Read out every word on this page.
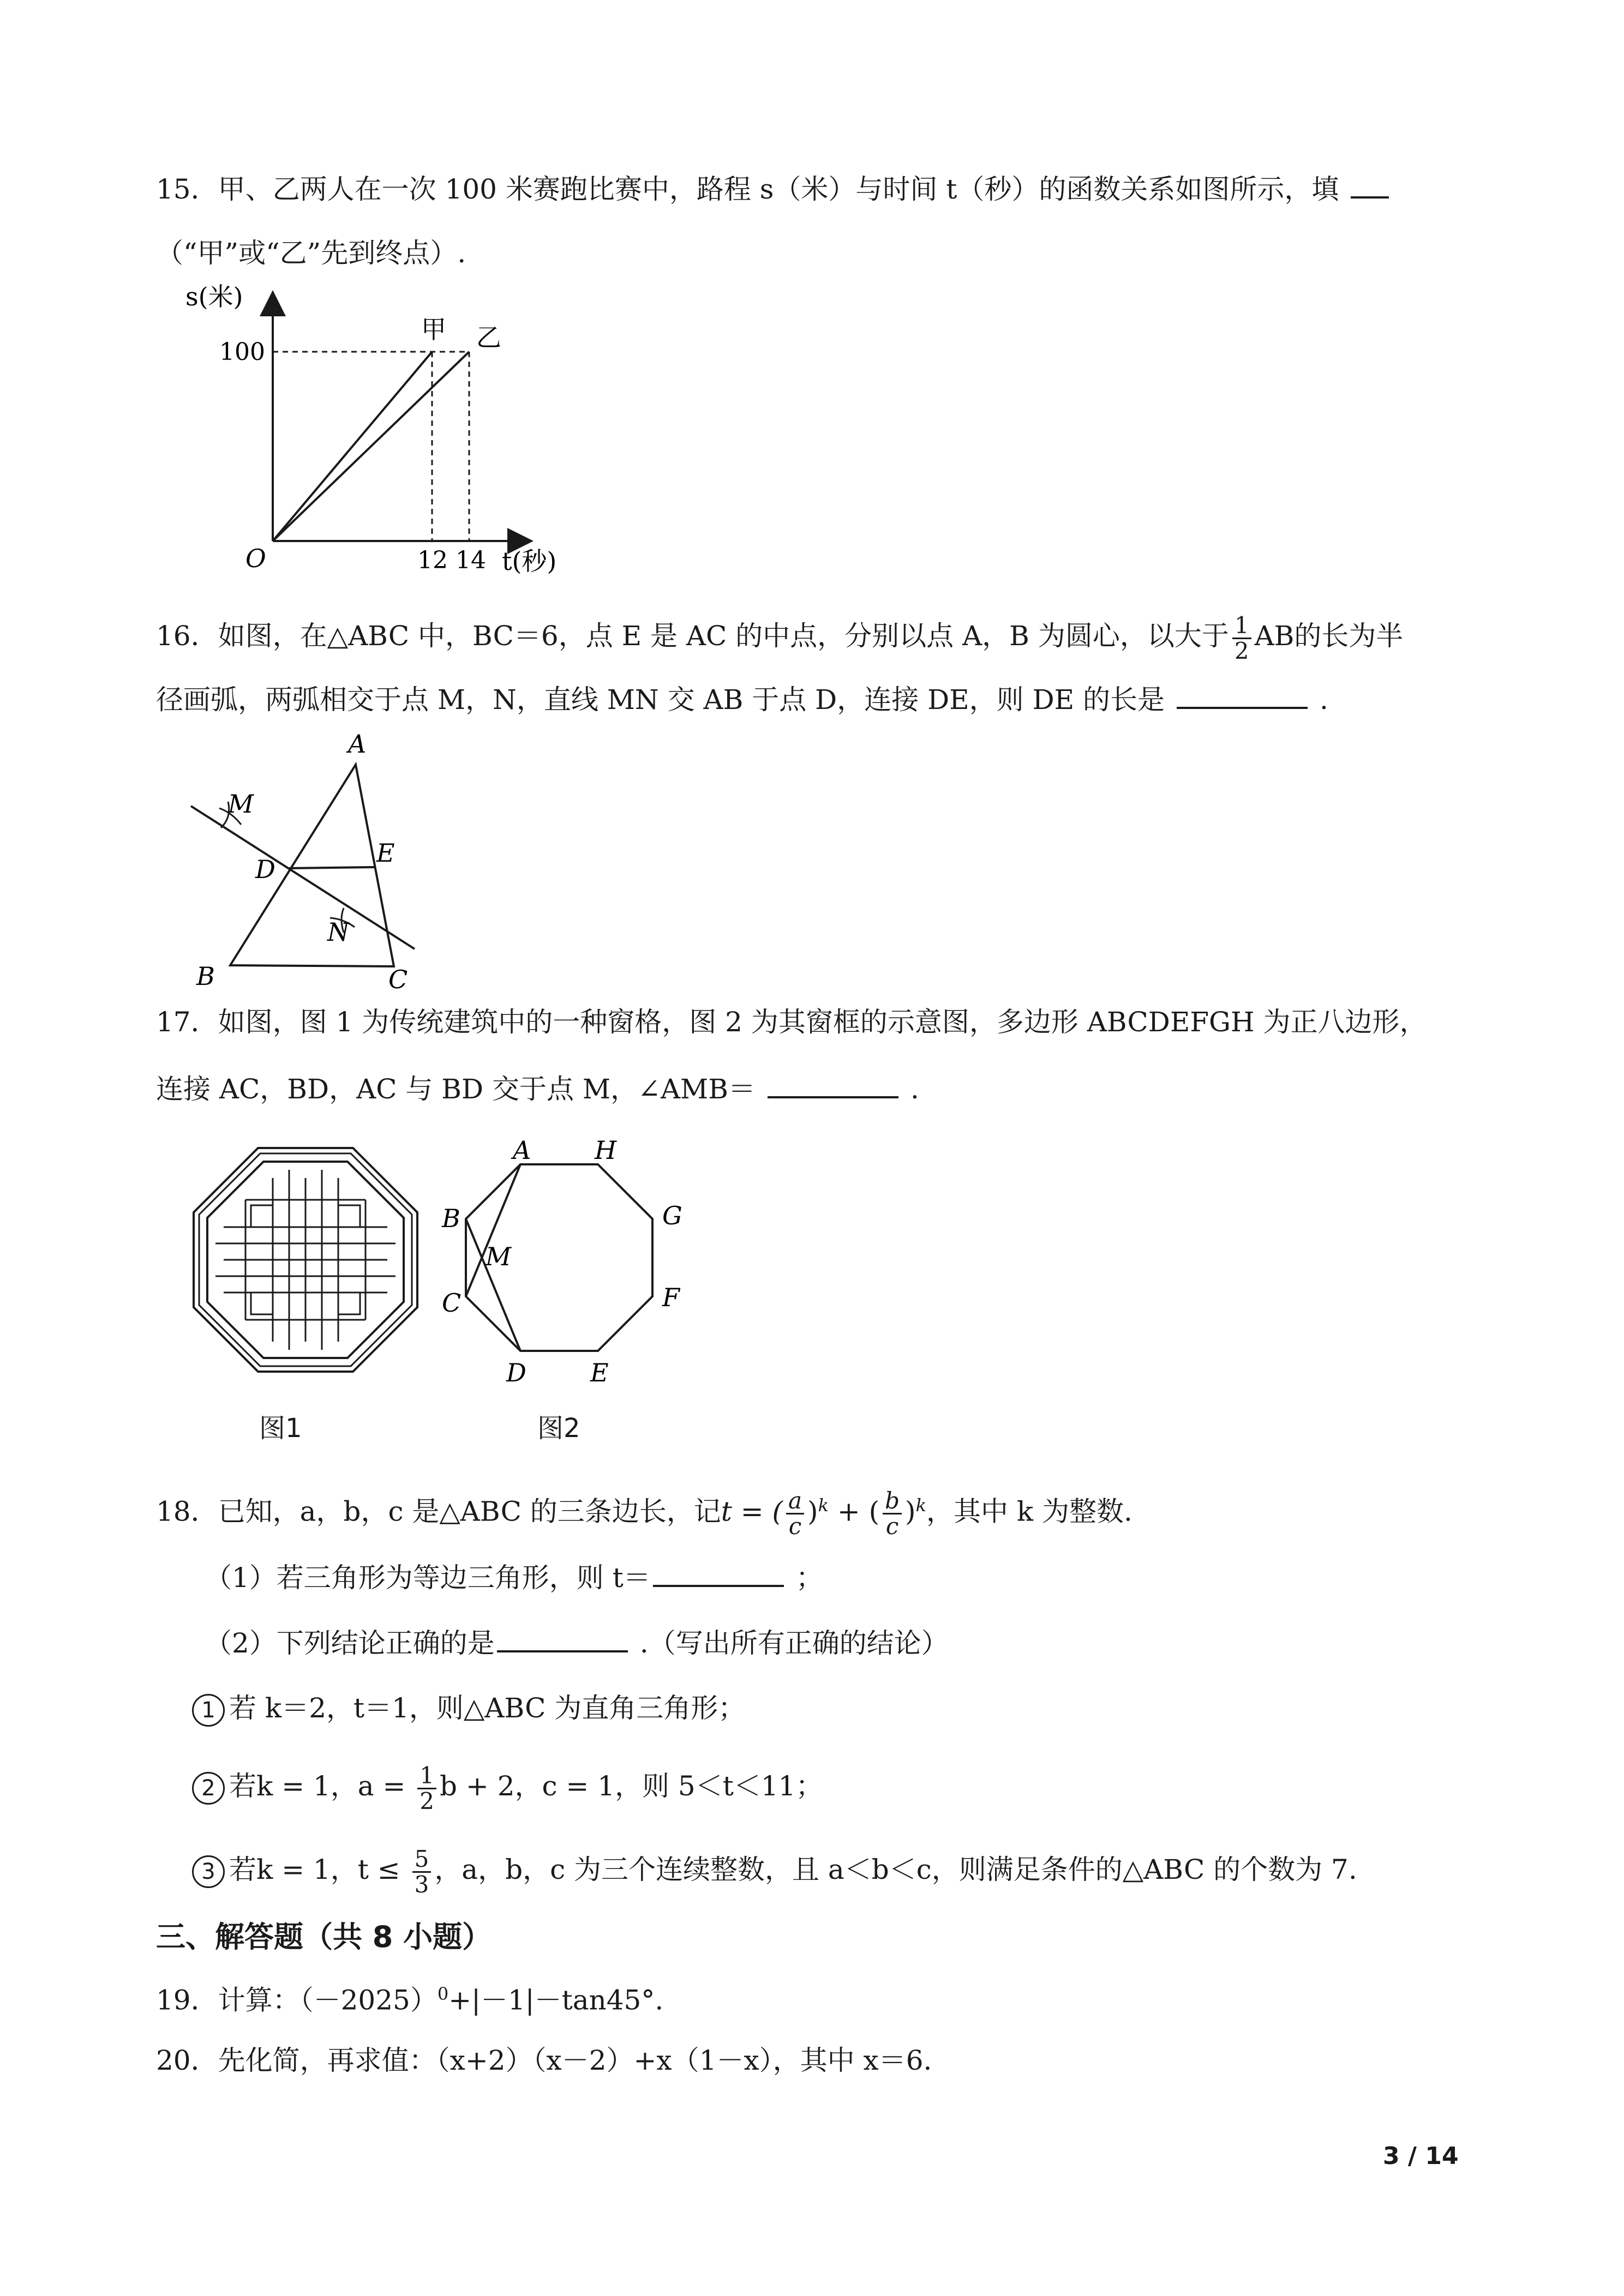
15．甲、乙两人在一次 100 米赛跑比赛中，路程 s（米）与时间 t（秒）的函数关系如图所示，填
（“甲”或“乙”先到终点）.
s(米)
100
O	12 14 t(秒)
甲 乙
16．如图，在△ABC 中，BC＝6，点 E 是 AC 的中点，分别以点 A，B 为圆心，以大于 $\frac{1}{2}$ AB的长为半
径画弧，两弧相交于点 M，N，直线 MN 交 AB 于点 D，连接 DE，则 DE 的长是	.
A
B	C
D
E
M
N
17．如图，图 1 为传统建筑中的一种窗格，图 2 为其窗框的示意图，多边形 ABCDEFGH 为正八边形，
连接 AC，BD，AC 与 BD 交于点 M，∠AMB＝	.
图1
A	H
B
C
D	E
F
G
M
图2
18．已知，a，b，c 是△ABC 的三条边长，记t = ( $\frac{a}{c} )^k$ + ( $\frac{b}{c} )^k$，其中 k 为整数.
（1）若三角形为等边三角形，则 t＝	；
（2）下列结论正确的是	.（写出所有正确的结论）
1 若 k＝2，t＝1，则△ABC 为直角三角形；
2 若k = 1，$a = \frac{1}{2}$ b + 2，c = 1，则 5＜t＜11；
3 若k = 1，$t \le \frac{5}{3}$ ，a，b，c 为三个连续整数，且 a＜b＜c，则满足条件的△ABC 的个数为 7.
三、解答题（共 8 小题）
19．计算：$(-2025)^0+|-1|-\tan 45^\circ$.
20．先化简，再求值：（x+2）（x－2）+x（1－x），其中 x＝6.
3 / 14
